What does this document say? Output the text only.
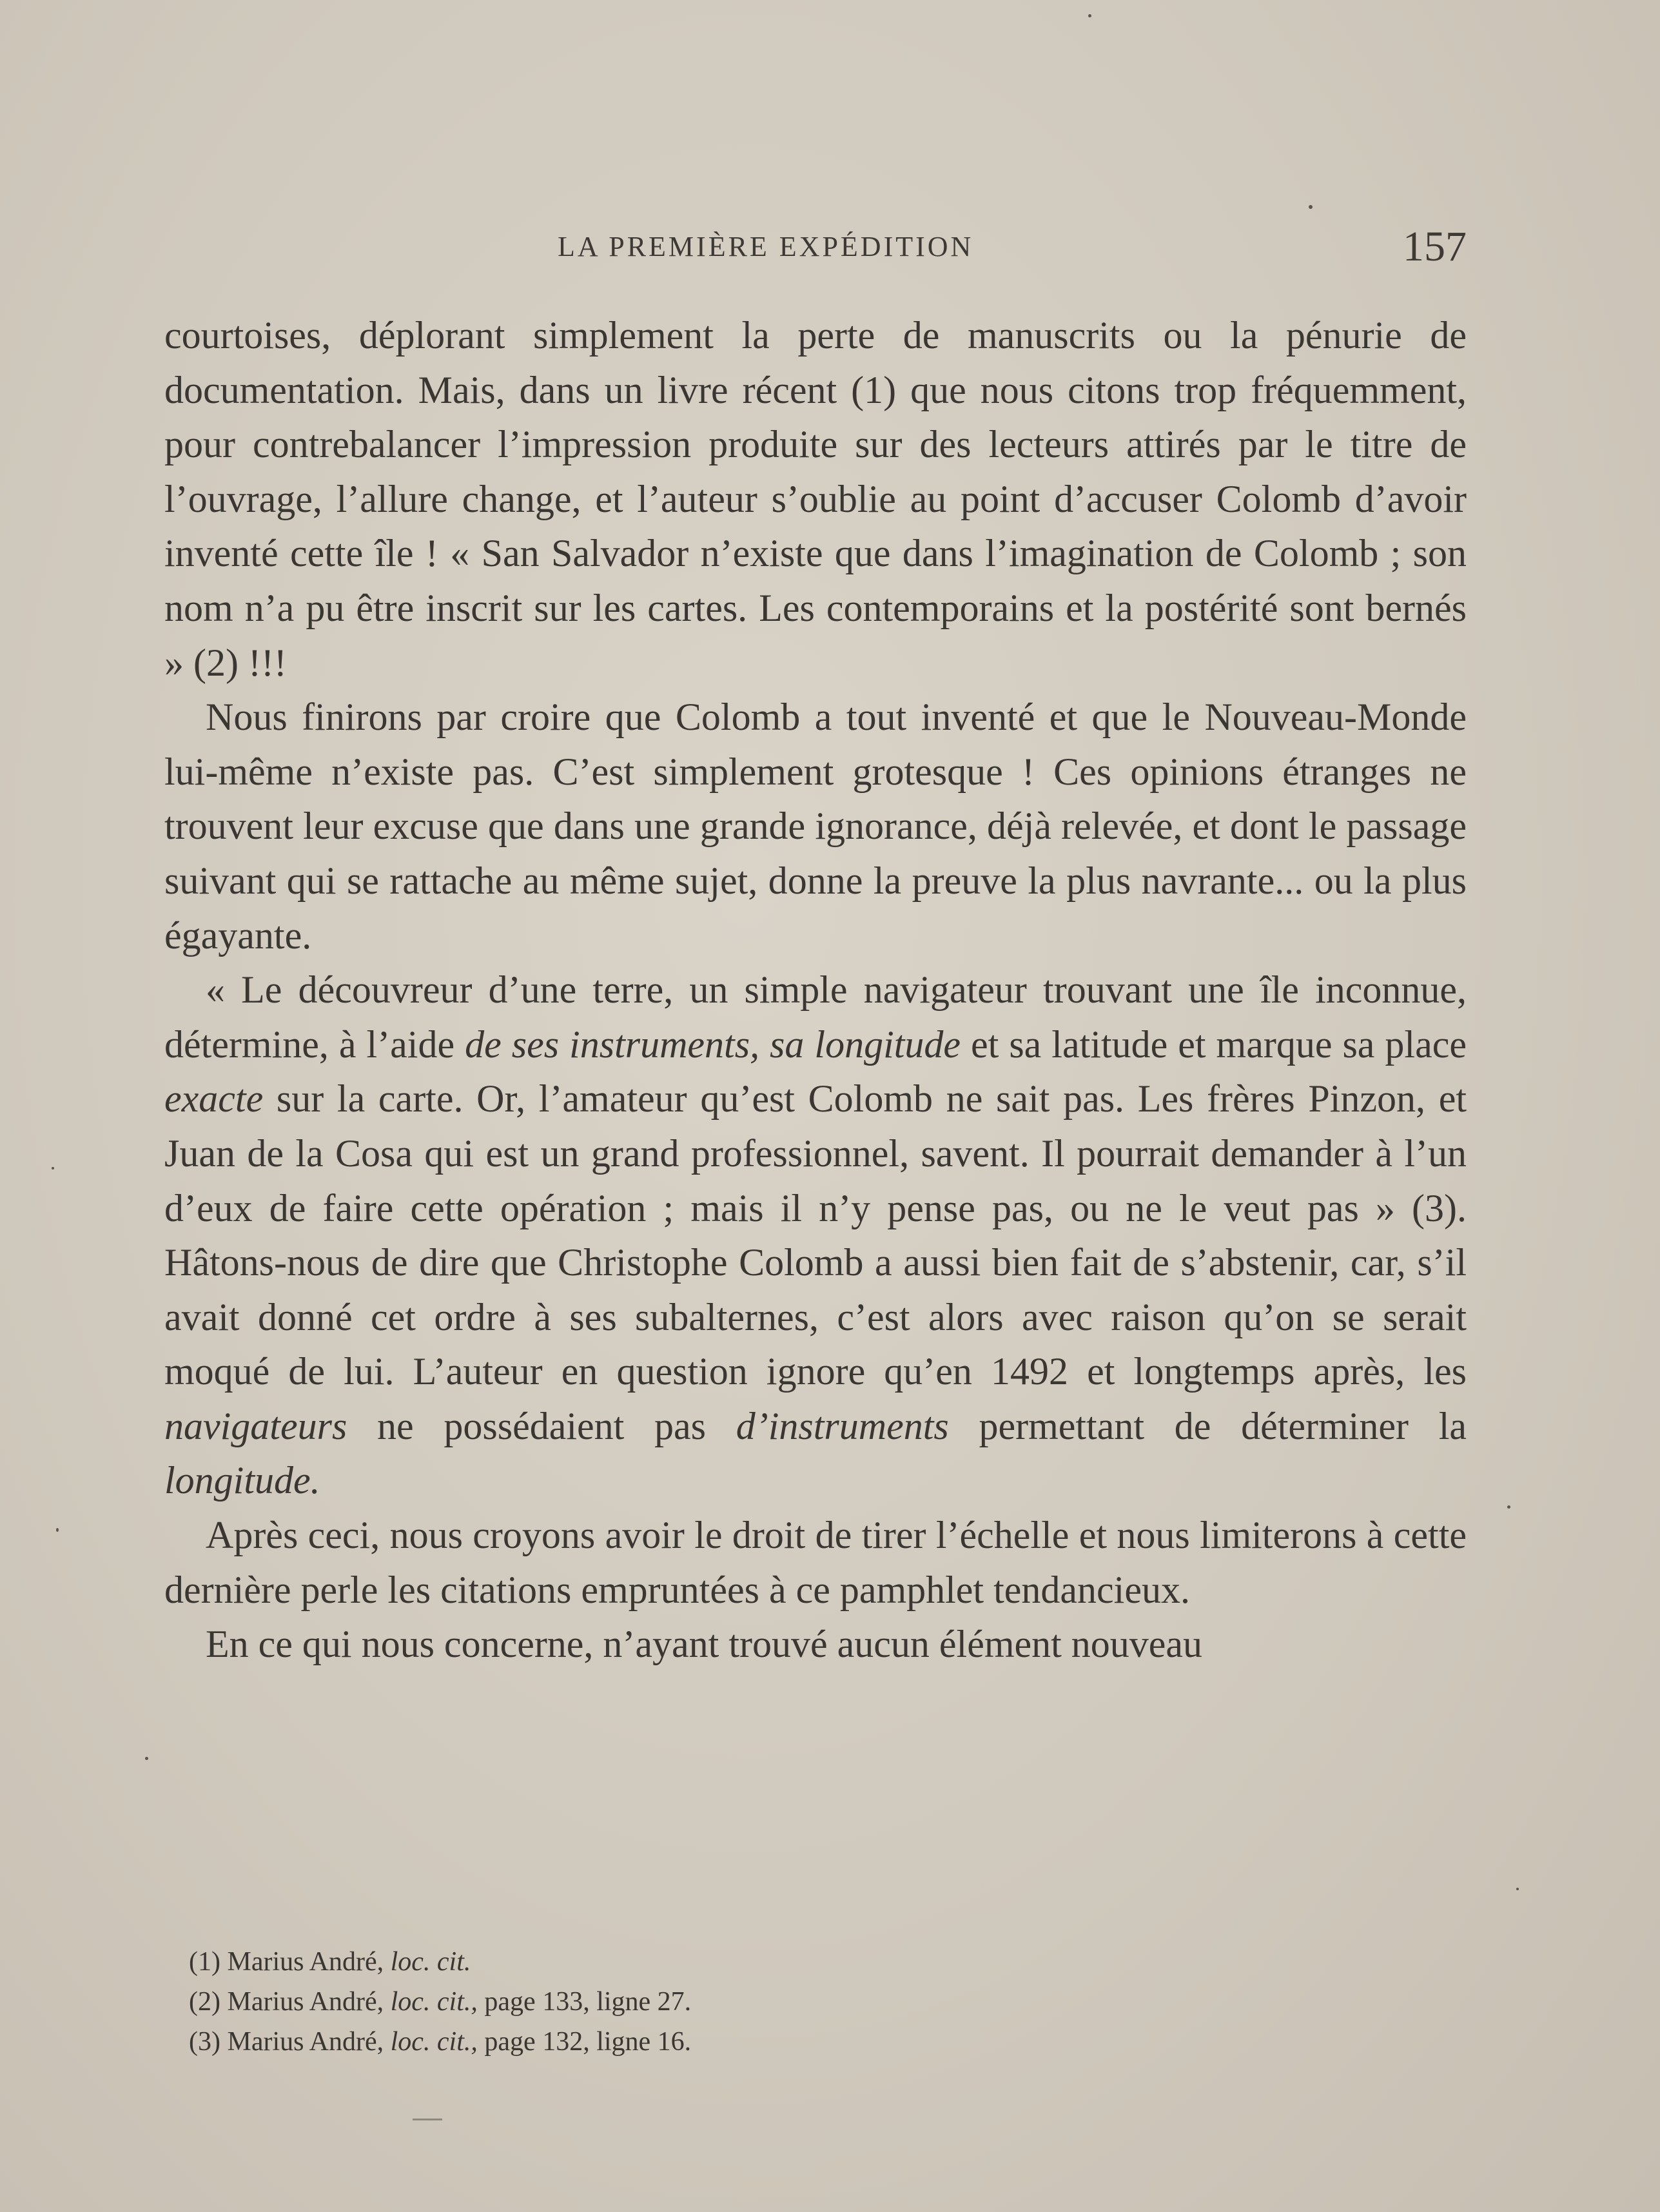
LA PREMIÈRE EXPÉDITION	157

courtoises, déplorant simplement la perte de manuscrits ou la pénurie de documentation. Mais, dans un livre récent (1) que nous citons trop fréquemment, pour contrebalancer l’impression produite sur des lecteurs attirés par le titre de l’ouvrage, l’allure change, et l’auteur s’oublie au point d’accuser Colomb d’avoir inventé cette île ! « San Salvador n’existe que dans l’imagination de Colomb ; son nom n’a pu être inscrit sur les cartes. Les contemporains et la postérité sont bernés » (2) !!!

Nous finirons par croire que Colomb a tout inventé et que le Nouveau-Monde lui-même n’existe pas. C’est simplement grotesque ! Ces opinions étranges ne trouvent leur excuse que dans une grande ignorance, déjà relevée, et dont le passage suivant qui se rattache au même sujet, donne la preuve la plus navrante... ou la plus égayante.

« Le découvreur d’une terre, un simple navigateur trouvant une île inconnue, détermine, à l’aide de ses instruments, sa longitude et sa latitude et marque sa place exacte sur la carte. Or, l’amateur qu’est Colomb ne sait pas. Les frères Pinzon, et Juan de la Cosa qui est un grand professionnel, savent. Il pourrait demander à l’un d’eux de faire cette opération ; mais il n’y pense pas, ou ne le veut pas » (3). Hâtons-nous de dire que Christophe Colomb a aussi bien fait de s’abstenir, car, s’il avait donné cet ordre à ses subalternes, c’est alors avec raison qu’on se serait moqué de lui. L’auteur en question ignore qu’en 1492 et longtemps après, les navigateurs ne possédaient pas d’instruments permettant de déterminer la longitude.

Après ceci, nous croyons avoir le droit de tirer l’échelle et nous limiterons à cette dernière perle les citations empruntées à ce pamphlet tendancieux.

En ce qui nous concerne, n’ayant trouvé aucun élément nouveau

(1) Marius André, loc. cit.
(2) Marius André, loc. cit., page 133, ligne 27.
(3) Marius André, loc. cit., page 132, ligne 16.
